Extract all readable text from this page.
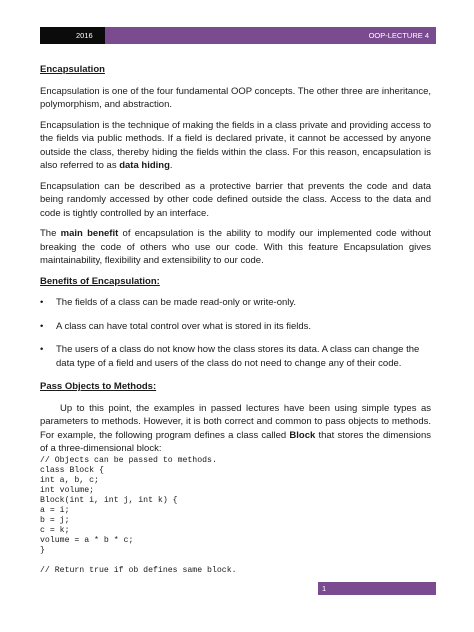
2016	OOP-LECTURE 4

Encapsulation

Encapsulation is one of the four fundamental OOP concepts. The other three are inheritance, polymorphism, and abstraction.

Encapsulation is the technique of making the fields in a class private and providing access to the fields via public methods. If a field is declared private, it cannot be accessed by anyone outside the class, thereby hiding the fields within the class. For this reason, encapsulation is also referred to as data hiding.

Encapsulation can be described as a protective barrier that prevents the code and data being randomly accessed by other code defined outside the class. Access to the data and code is tightly controlled by an interface.

The main benefit of encapsulation is the ability to modify our implemented code without breaking the code of others who use our code. With this feature Encapsulation gives maintainability, flexibility and extensibility to our code.

Benefits of Encapsulation:

• The fields of a class can be made read-only or write-only.
• A class can have total control over what is stored in its fields.
• The users of a class do not know how the class stores its data. A class can change the data type of a field and users of the class do not need to change any of their code.

Pass Objects to Methods:

Up to this point, the examples in passed lectures have been using simple types as parameters to methods. However, it is both correct and common to pass objects to methods. For example, the following program defines a class called Block that stores the dimensions of a three-dimensional block:

// Objects can be passed to methods.
class Block {
int a, b, c;
int volume;
Block(int i, int j, int k) {
a = i;
b = j;
c = k;
volume = a * b * c;
}
// Return true if ob defines same block.
1
